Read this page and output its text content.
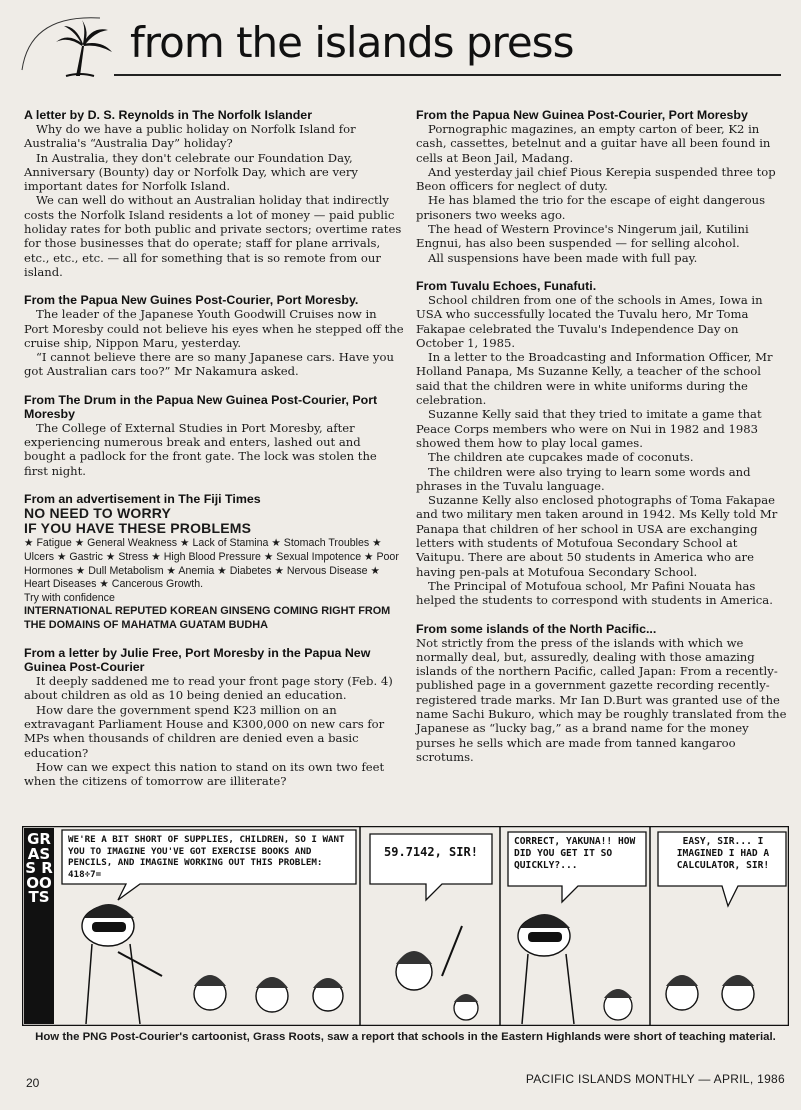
from the islands press

A letter by D. S. Reynolds in The Norfolk Islander

Why do we have a public holiday on Norfolk Island for Australia's “Australia Day” holiday?

In Australia, they don't celebrate our Foundation Day, Anniversary (Bounty) day or Norfolk Day, which are very important dates for Norfolk Island.

We can well do without an Australian holiday that indirectly costs the Norfolk Island residents a lot of money — paid public holiday rates for both public and private sectors; overtime rates for those businesses that do operate; staff for plane arrivals, etc., etc., etc. — all for something that is so remote from our island.

From the Papua New Guines Post-Courier, Port Moresby.

The leader of the Japanese Youth Goodwill Cruises now in Port Moresby could not believe his eyes when he stepped off the cruise ship, Nippon Maru, yesterday.

“I cannot believe there are so many Japanese cars. Have you got Australian cars too?” Mr Nakamura asked.

From The Drum in the Papua New Guinea Post-Courier, Port Moresby

The College of External Studies in Port Moresby, after experiencing numerous break and enters, lashed out and bought a padlock for the front gate. The lock was stolen the first night.

From an advertisement in The Fiji Times

NO NEED TO WORRY

IF YOU HAVE THESE PROBLEMS

★ Fatigue ★ General Weakness ★ Lack of Stamina ★ Stomach Troubles ★ Ulcers ★ Gastric ★ Stress ★ High Blood Pressure ★ Sexual Impotence ★ Poor Hormones ★ Dull Metabolism ★ Anemia ★ Diabetes ★ Nervous Disease ★ Heart Diseases ★ Cancerous Growth.

Try with confidence

INTERNATIONAL REPUTED KOREAN GINSENG COMING RIGHT FROM THE DOMAINS OF MAHATMA GUATAM BUDHA

From a letter by Julie Free, Port Moresby in the Papua New Guinea Post-Courier

It deeply saddened me to read your front page story (Feb. 4) about children as old as 10 being denied an education.

How dare the government spend K23 million on an extravagant Parliament House and K300,000 on new cars for MPs when thousands of children are denied even a basic education?

How can we expect this nation to stand on its own two feet when the citizens of tomorrow are illiterate?

From the Papua New Guinea Post-Courier, Port Moresby

Pornographic magazines, an empty carton of beer, K2 in cash, cassettes, betelnut and a guitar have all been found in cells at Beon Jail, Madang.

And yesterday jail chief Pious Kerepia suspended three top Beon officers for neglect of duty.

He has blamed the trio for the escape of eight dangerous prisoners two weeks ago.

The head of Western Province's Ningerum jail, Kutilini Engnui, has also been suspended — for selling alcohol.

All suspensions have been made with full pay.

From Tuvalu Echoes, Funafuti.

School children from one of the schools in Ames, Iowa in USA who successfully located the Tuvalu hero, Mr Toma Fakapae celebrated the Tuvalu's Independence Day on October 1, 1985.

In a letter to the Broadcasting and Information Officer, Mr Holland Panapa, Ms Suzanne Kelly, a teacher of the school said that the children were in white uniforms during the celebration.

Suzanne Kelly said that they tried to imitate a game that Peace Corps members who were on Nui in 1982 and 1983 showed them how to play local games.

The children ate cupcakes made of coconuts.

The children were also trying to learn some words and phrases in the Tuvalu language.

Suzanne Kelly also enclosed photographs of Toma Fakapae and two military men taken around in 1942. Ms Kelly told Mr Panapa that children of her school in USA are exchanging letters with students of Motufoua Secondary School at Vaitupu. There are about 50 students in America who are having pen-pals at Motufoua Secondary School.

The Principal of Motufoua school, Mr Pafini Nouata has helped the students to correspond with students in America.

From some islands of the North Pacific...

Not strictly from the press of the islands with which we normally deal, but, assuredly, dealing with those amazing islands of the northern Pacific, called Japan: From a recently-published page in a government gazette recording recently-registered trade marks. Mr Ian D.Burt was granted use of the name Sachi Bukuro, which may be roughly translated from the Japanese as “lucky bag,” as a brand name for the money purses he sells which are made from tanned kangaroo scrotums.

GRASS ROOTS
WE'RE A BIT SHORT OF SUPPLIES, CHILDREN, SO I WANT YOU TO IMAGINE YOU'VE GOT EXERCISE BOOKS AND PENCILS, AND IMAGINE WORKING OUT THIS PROBLEM: 418÷7=
59.7142, SIR!
CORRECT, YAKUNA!! HOW DID YOU GET IT SO QUICKLY?...
EASY, SIR... I IMAGINED I HAD A CALCULATOR, SIR!
How the PNG Post-Courier's cartoonist, Grass Roots, saw a report that schools in the Eastern Highlands were short of teaching material.
20	PACIFIC ISLANDS MONTHLY — APRIL, 1986
